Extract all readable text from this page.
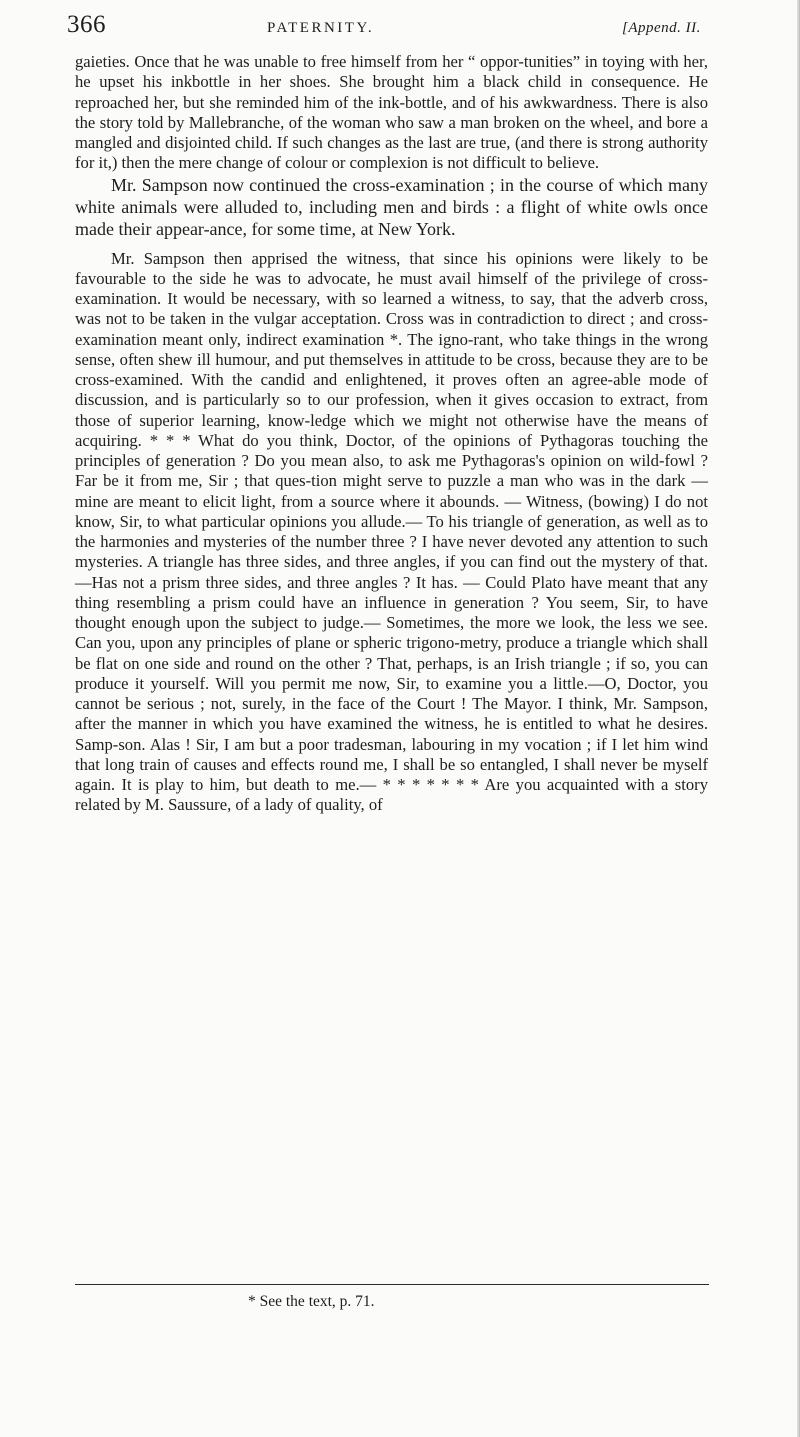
366	PATERNITY.	[Append. II.

gaieties. Once that he was unable to free himself from her “ oppor-tunities” in toying with her, he upset his inkbottle in her shoes. She brought him a black child in consequence. He reproached her, but she reminded him of the ink-bottle, and of his awkwardness. There is also the story told by Mallebranche, of the woman who saw a man broken on the wheel, and bore a mangled and disjointed child. If such changes as the last are true, (and there is strong authority for it,) then the mere change of colour or complexion is not difficult to believe.

Mr. Sampson now continued the cross-examination ; in the course of which many white animals were alluded to, including men and birds : a flight of white owls once made their appear-ance, for some time, at New York.

Mr. Sampson then apprised the witness, that since his opinions were likely to be favourable to the side he was to advocate, he must avail himself of the privilege of cross-examination. It would be necessary, with so learned a witness, to say, that the adverb cross, was not to be taken in the vulgar acceptation. Cross was in contradiction to direct ; and cross-examination meant only, indirect examination *. The igno-rant, who take things in the wrong sense, often shew ill humour, and put themselves in attitude to be cross, because they are to be cross-examined. With the candid and enlightened, it proves often an agree-able mode of discussion, and is particularly so to our profession, when it gives occasion to extract, from those of superior learning, know-ledge which we might not otherwise have the means of acquiring. * * * What do you think, Doctor, of the opinions of Pythagoras touching the principles of generation ? Do you mean also, to ask me Pythagoras's opinion on wild-fowl ? Far be it from me, Sir ; that ques-tion might serve to puzzle a man who was in the dark — mine are meant to elicit light, from a source where it abounds. — Witness, (bowing) I do not know, Sir, to what particular opinions you allude.— To his triangle of generation, as well as to the harmonies and mysteries of the number three ? I have never devoted any attention to such mysteries. A triangle has three sides, and three angles, if you can find out the mystery of that.—Has not a prism three sides, and three angles ? It has. — Could Plato have meant that any thing resembling a prism could have an influence in generation ? You seem, Sir, to have thought enough upon the subject to judge.— Sometimes, the more we look, the less we see. Can you, upon any principles of plane or spheric trigono-metry, produce a triangle which shall be flat on one side and round on the other ? That, perhaps, is an Irish triangle ; if so, you can produce it yourself. Will you permit me now, Sir, to examine you a little.—O, Doctor, you cannot be serious ; not, surely, in the face of the Court ! The Mayor. I think, Mr. Sampson, after the manner in which you have examined the witness, he is entitled to what he desires. Samp-son. Alas ! Sir, I am but a poor tradesman, labouring in my vocation ; if I let him wind that long train of causes and effects round me, I shall be so entangled, I shall never be myself again. It is play to him, but death to me.— * * * * * * * Are you acquainted with a story related by M. Saussure, of a lady of quality, of

* See the text, p. 71.
